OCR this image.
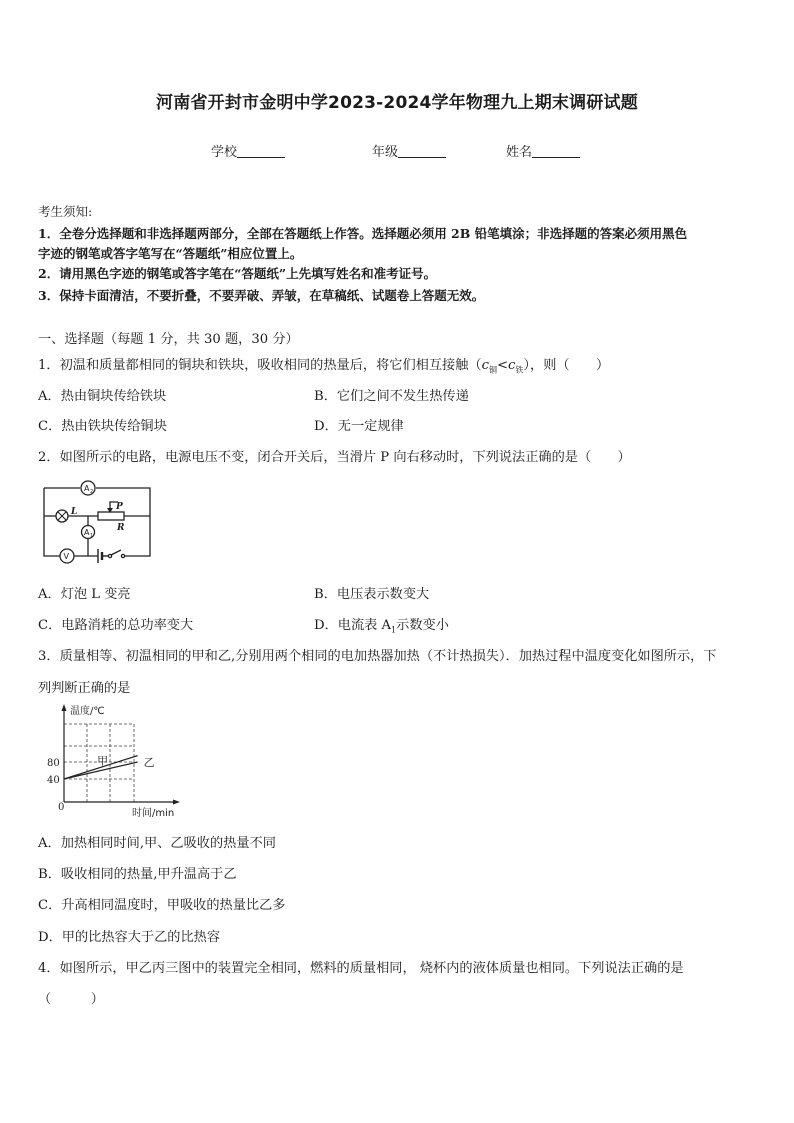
河南省开封市金明中学2023-2024学年物理九上期末调研试题
学校	年级	姓名
考生须知:
1．全卷分选择题和非选择题两部分，全部在答题纸上作答。选择题必须用 2B 铅笔填涂；非选择题的答案必须用黑色
字迹的钢笔或答字笔写在“答题纸”相应位置上。
2．请用黑色字迹的钢笔或答字笔在“答题纸”上先填写姓名和准考证号。
3．保持卡面清洁，不要折叠，不要弄破、弄皱，在草稿纸、试题卷上答题无效。
一、选择题（每题 1 分，共 30 题，30 分）
1．初温和质量都相同的铜块和铁块，吸收相同的热量后，将它们相互接触$(c_铜<c_铁)$，则（　　）
A．热由铜块传给铁块	B．它们之间不发生热传递
C．热由铁块传给铜块	D．无一定规律
2．如图所示的电路，电源电压不变，闭合开关后，当滑片 P 向右移动时，下列说法正确的是（　　）
A 2
A 1
V
L	P
R
A．灯泡 L 变亮	B．电压表示数变大
C．电路消耗的总功率变大	D．电流表 $A_1$示数变小
3．质量相等、初温相同的甲和乙,分别用两个相同的电加热器加热（不计热损失）．加热过程中温度变化如图所示，下
列判断正确的是
温度/℃
时间/min
0
80
40
甲	乙
A．加热相同时间,甲、乙吸收的热量不同
B．吸收相同的热量,甲升温高于乙
C．升高相同温度时，甲吸收的热量比乙多
D．甲的比热容大于乙的比热容
4．如图所示，甲乙丙三图中的装置完全相同，燃料的质量相同， 烧杯内的液体质量也相同。下列说法正确的是
（　　　）
